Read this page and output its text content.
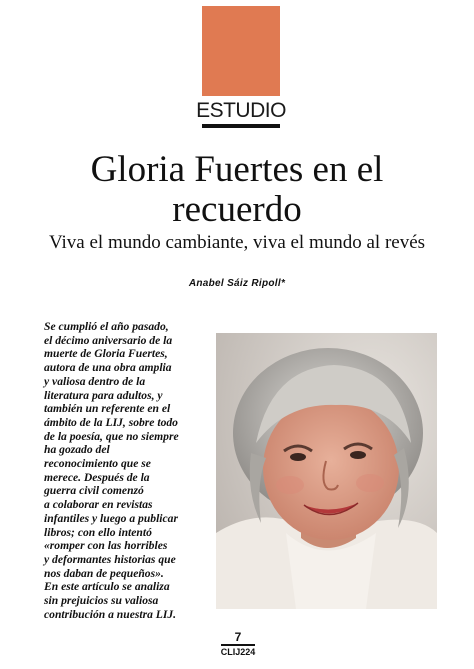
ESTUDIO
Gloria Fuertes en el
recuerdo
Viva el mundo cambiante, viva el mundo al revés
Anabel Sáiz Ripoll*
Se cumplió el año pasado,
el décimo aniversario de la
muerte de Gloria Fuertes,
autora de una obra amplia
y valiosa dentro de la
literatura para adultos, y
también un referente en el
ámbito de la LIJ, sobre todo
de la poesía, que no siempre
ha gozado del
reconocimiento que se
merece. Después de la
guerra civil comenzó
a colaborar en revistas
infantiles y luego a publicar
libros; con ello intentó
«romper con las horribles
y deformantes historias que
nos daban de pequeños».
En este artículo se analiza
sin prejuicios su valiosa
contribución a nuestra LIJ.
7
CLIJ224
